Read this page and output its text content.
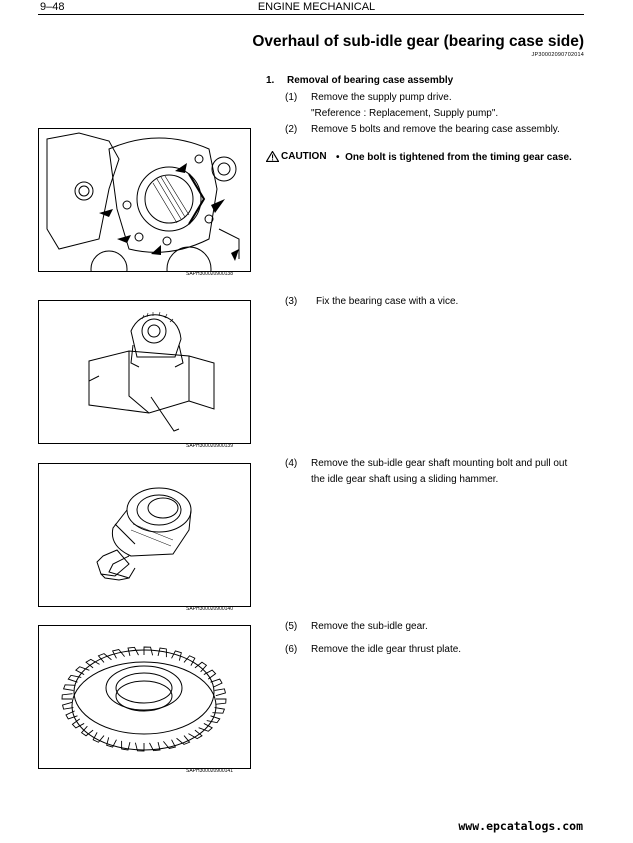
9–48	ENGINE MECHANICAL
Overhaul of sub-idle gear (bearing case side)
JP30002090702014
1. Removal of bearing case assembly
(1) Remove the supply pump drive.
"Reference : Replacement, Supply pump".
(2) Remove 5 bolts and remove the bearing case assembly.
CAUTION • One bolt is tightened from the timing gear case.
(3) Fix the bearing case with a vice.
(4) Remove the sub-idle gear shaft mounting bolt and pull out
the idle gear shaft using a sliding hammer.
(5) Remove the sub-idle gear.
(6) Remove the idle gear thrust plate.
SAPH300020900138
SAPH300020900139
SAPH300020900140
SAPH300020900141
www.epcatalogs.com
